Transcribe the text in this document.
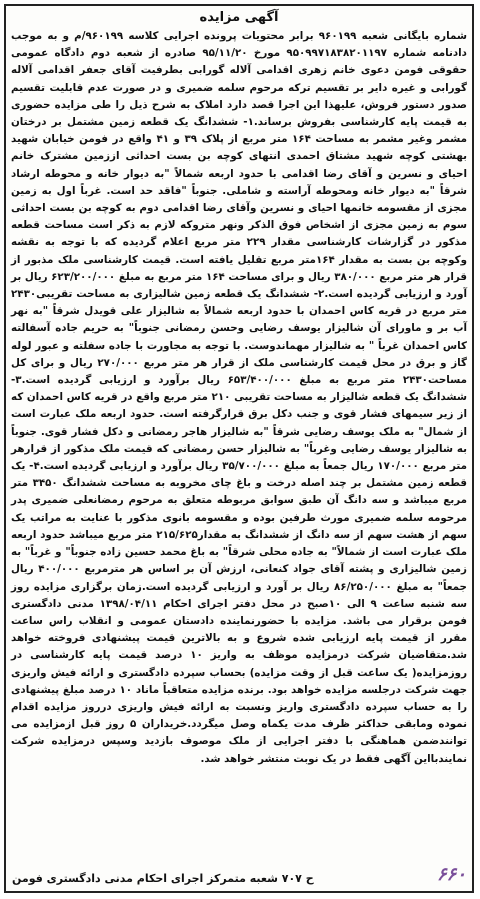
آگهی مزایده

شماره بایگانی شعبه ۹۶۰۱۹۹ برابر محتویات پرونده اجرایی کلاسه ۹۶۰۱۹۹/م و به موجب دادنامه شماره ۹۵۰۹۹۷۱۸۳۸۲۰۱۱۹۷ مورخ ۹۵/۱۱/۲۰ صادره از شعبه دوم دادگاه عمومی حقوقی فومن دعوی خانم زهری اقدامی آلاله گورابی بطرفیت آقای جعفر اقدامی آلاله گورابی و غیره دایر بر تقسیم ترکه مرحوم سلمه ضمیری و در صورت عدم قابلیت تقسیم صدور دستور فروش، علیهذا این اجرا قصد دارد املاک به شرح ذیل را طی مزایده حضوری به قیمت پایه کارشناسی بفروش برساند.۱- ششدانگ یک قطعه زمین مشتمل بر درختان مشمر وغیر مشمر به مساحت ۱۶۴ متر مربع از پلاک ۳۹ و ۴۱ واقع در فومن خیابان شهید بهشتی کوچه شهید مشتاق احمدی انتهای کوچه بن بست احداثی اززمین مشترک خانم احیای و نسرین و آقای رضا اقدامی با حدود اربعه شمالاً "به دیوار خانه و محوطه ارشاد شرقاً "به دیوار خانه ومحوطه آراسته و شاملی. جنوباً "فاقد حد است. غرباً اول به زمین مجزی از مقسومه خانمها احیای و نسرین وآقای رضا اقدامی دوم به کوچه بن بست احداثی سوم به زمین مجزی از اشخاص فوق الذکر ونهر متروکه لازم به ذکر است مساحت قطعه مذکور در گزارشات کارشناسی مقدار ۲۲۹ متر مربع اعلام گردیده که با توجه به نقشه وکوچه بن بست به مقدار ۱۶۴متر مربع تقلیل یافته است. قیمت کارشناسی ملک مذبور از قرار هر متر مربع ۳۸۰/۰۰۰ ریال و برای مساحت ۱۶۴ متر مربع به مبلغ ۶۲۳/۲۰۰/۰۰۰ ریال بر آورد و ارزیابی گردیده است.۲- ششدانگ یک قطعه زمین شالیزاری به مساحت تقریبی۲۴۳۰ متر مربع در قریه کاس احمدان با حدود اربعه شمالاً به شالیزار علی قویدل شرقاً "به نهر آب بر و ماورای آن شالیزار یوسف رضایی وحسن رمضانی جنوباً" به حریم جاده آسفالته کاس احمدان غرباً " به شالیزار مهماندوست. با توجه به مجاورت با جاده سفلته و عبور لوله گاز و برق در محل قیمت کارشناسی ملک از قرار هر متر مربع ۲۷۰/۰۰۰ ریال و برای کل مساحت۲۴۳۰ متر مربع به مبلغ ۶۵۳/۴۰۰/۰۰۰ ریال برآورد و ارزیابی گردیده است.۳- ششدانگ یک قطعه شالیزار به مساحت تقریبی ۲۱۰ متر مربع واقع در قریه کاس احمدان که از زیر سیمهای فشار قوی و جنب دکل برق قرارگرفته است. حدود اربعه ملک عبارت است از شمال" به ملک یوسف رضایی شرقاً "به شالیزار هاجر رمضانی و دکل فشار قوی. جنوباً به شالیزار یوسف رضایی وغرباً" به شالیزار حسن رمضانی که قیمت ملک مذکور از قرارهر متر مربع ۱۷۰/۰۰۰ ریال جمعاً به مبلغ ۳۵/۷۰۰/۰۰۰ ریال برآورد و ارزیابی گردیده است.۴- یک قطعه زمین مشتمل بر چند اصله درخت و باغ چای مخروبه به مساحت ششدانگ ۳۴۵۰ متر مربع میباشد و سه دانگ آن طبق سوابق مربوطه متعلق به مرحوم رمضانعلی ضمیری پدر مرحومه سلمه ضمیری مورث طرفین بوده و مقسومه بانوی مذکور با عنایت به مراتب یک سهم از هشت سهم از سه دانگ از ششدانگ به مقدار۲۱۵/۶۲۵ متر مربع میباشد حدود اربعه ملک عبارت است از شمالاً" به جاده محلی شرقاً" به باغ محمد حسین زاده جنوباً" و غرباً" به زمین شالیزاری و پشته آقای جواد کنعانی، ارزش آن بر اساس هر مترمربع ۴۰۰/۰۰۰ ریال جمعاً" به مبلغ ۸۶/۲۵۰/۰۰۰ ریال بر آورد و ارزیابی گردیده است.زمان برگزاری مزایده روز سه شنبه ساعت ۹ الی ۱۰صبح در محل دفتر اجرای احکام ۱۳۹۸/۰۴/۱۱ مدنی دادگستری فومن برقرار می باشد. مزایده با حضورنماینده دادستان عمومی و انقلاب راس ساعت مقرر از قیمت پایه ارزیابی شده شروع و به بالاترین قیمت پیشنهادی فروخته خواهد شد.متقاضیان شرکت درمزایده موظف به واریز ۱۰ درصد قیمت پایه کارشناسی در روزمزایده( یک ساعت قبل از وقت مزایده) بحساب سپرده دادگستری و ارائه فیش واریزی جهت شرکت درجلسه مزایده خواهد بود. برنده مزایده متعاقباً ماناد ۱۰ درصد مبلغ پیشنهادی را به حساب سپرده دادگستری واریز ونسبت به ارائه فیش واریزی درروز مزایده اقدام نموده ومابقی حداکثر ظرف مدت یکماه وصل میگردد.خریداران ۵ روز قبل ازمزایده می توانندضمن هماهنگی با دفتر اجرایی از ملک موصوف بازدید وسپس درمزایده شرکت نمایندبااین آگهی فقط در یک نوبت منتشر خواهد شد.

ح ۷۰۷ شعبه متمرکز اجرای احکام مدنی دادگستری فومن	۶۶۰
